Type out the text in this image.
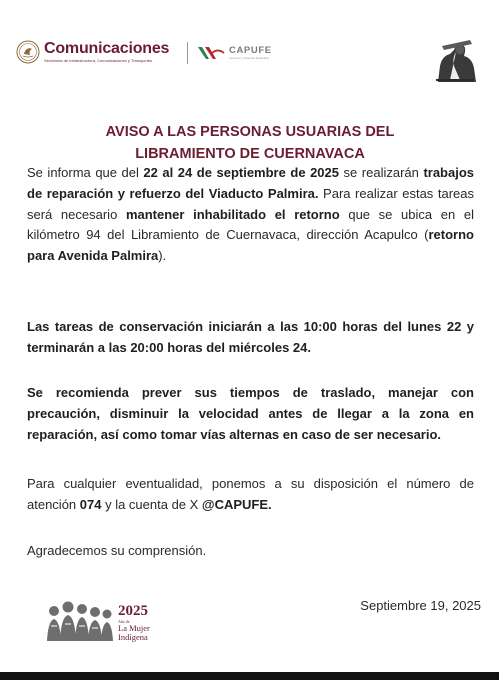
Comunicaciones
Secretaría de Infraestructura, Comunicaciones y Transportes
CAPUFE
Caminos y Puentes Federales
AVISO A LAS PERSONAS USUARIAS DEL
LIBRAMIENTO DE CUERNAVACA

Se informa que del 22 al 24 de septiembre de 2025 se realizarán trabajos de reparación y refuerzo del Viaducto Palmira. Para realizar estas tareas será necesario mantener inhabilitado el retorno que se ubica en el kilómetro 94 del Libramiento de Cuernavaca, dirección Acapulco (retorno para Avenida Palmira).

Las tareas de conservación iniciarán a las 10:00 horas del lunes 22 y terminarán a las 20:00 horas del miércoles 24.

Se recomienda prever sus tiempos de traslado, manejar con precaución, disminuir la velocidad antes de llegar a la zona en reparación, así como tomar vías alternas en caso de ser necesario.

Para cualquier eventualidad, ponemos a su disposición el número de atención 074 y la cuenta de X @CAPUFE.

Agradecemos su comprensión.

2025
Año de
La Mujer
Indígena
Septiembre 19, 2025
